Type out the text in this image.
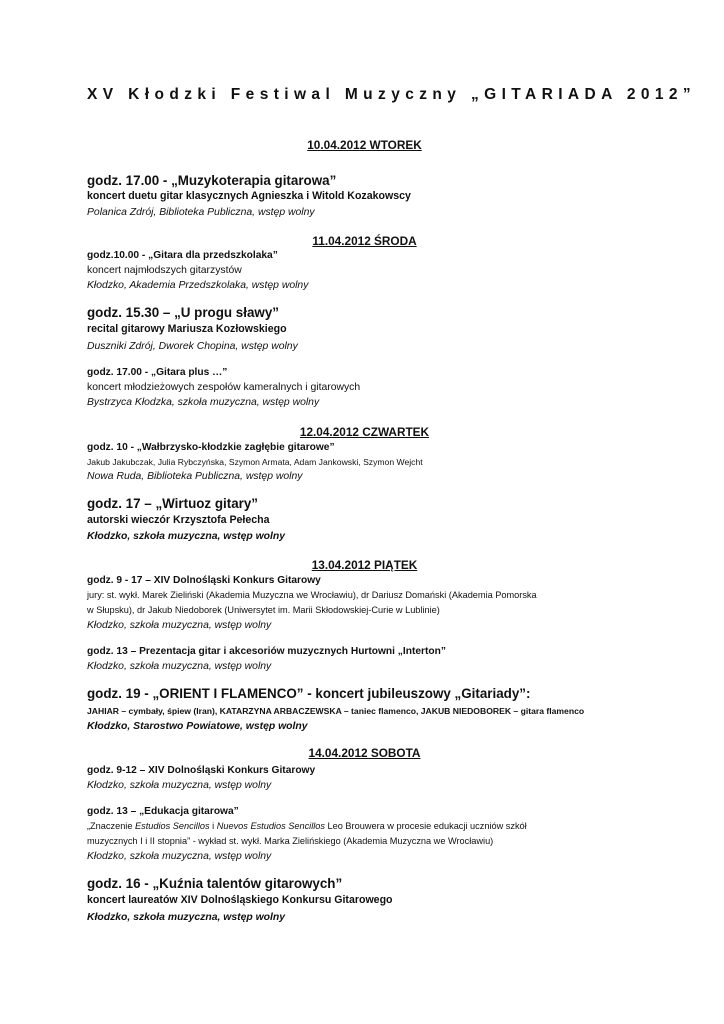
XV Kłodzki Festiwal Muzyczny „GITARIADA 2012”
10.04.2012 WTOREK
godz. 17.00 - „Muzykoterapia gitarowa”
koncert duetu gitar klasycznych Agnieszka i Witold Kozakowscy
Polanica Zdrój, Biblioteka Publiczna, wstęp wolny
11.04.2012 ŚRODA
godz.10.00 - „Gitara dla przedszkolaka”
koncert najmłodszych gitarzystów
Kłodzko, Akademia Przedszkolaka, wstęp wolny
godz. 15.30 – „U progu sławy”
recital gitarowy Mariusza Kozłowskiego
Duszniki Zdrój, Dworek Chopina, wstęp wolny
godz. 17.00 - „Gitara plus …”
koncert młodzieżowych zespołów kameralnych i gitarowych
Bystrzyca Kłodzka, szkoła muzyczna, wstęp wolny
12.04.2012 CZWARTEK
godz. 10 - „Wałbrzysko-kłodzkie zagłębie gitarowe”
Jakub Jakubczak, Julia Rybczyńska, Szymon Armata, Adam Jankowski, Szymon Wejcht
Nowa Ruda, Biblioteka Publiczna, wstęp wolny
godz. 17 – „Wirtuoz gitary”
autorski wieczór Krzysztofa Pełecha
Kłodzko, szkoła muzyczna, wstęp wolny
13.04.2012 PIĄTEK
godz. 9 - 17 – XIV Dolnośląski Konkurs Gitarowy
jury: st. wykł. Marek Zieliński (Akademia Muzyczna we Wrocławiu), dr Dariusz Domański (Akademia Pomorska
w Słupsku), dr Jakub Niedoborek (Uniwersytet im. Marii Skłodowskiej-Curie w Lublinie)
Kłodzko, szkoła muzyczna, wstęp wolny
godz. 13 – Prezentacja gitar i akcesoriów muzycznych Hurtowni „Interton”
Kłodzko, szkoła muzyczna, wstęp wolny
godz. 19 - „ORIENT I FLAMENCO” - koncert jubileuszowy „Gitariady”:
JAHIAR – cymbały, śpiew (Iran), KATARZYNA ARBACZEWSKA – taniec flamenco, JAKUB NIEDOBOREK – gitara flamenco
Kłodzko, Starostwo Powiatowe, wstęp wolny
14.04.2012 SOBOTA
godz. 9-12 – XIV Dolnośląski Konkurs Gitarowy
Kłodzko, szkoła muzyczna, wstęp wolny
godz. 13 – „Edukacja gitarowa”
„Znaczenie Estudios Sencillos i Nuevos Estudios Sencillos Leo Brouwera w procesie edukacji uczniów szkół
muzycznych I i II stopnia” - wykład st. wykł. Marka Zielińskiego (Akademia Muzyczna we Wrocławiu)
Kłodzko, szkoła muzyczna, wstęp wolny
godz. 16 - „Kuźnia talentów gitarowych”
koncert laureatów XIV Dolnośląskiego Konkursu Gitarowego
Kłodzko, szkoła muzyczna, wstęp wolny
